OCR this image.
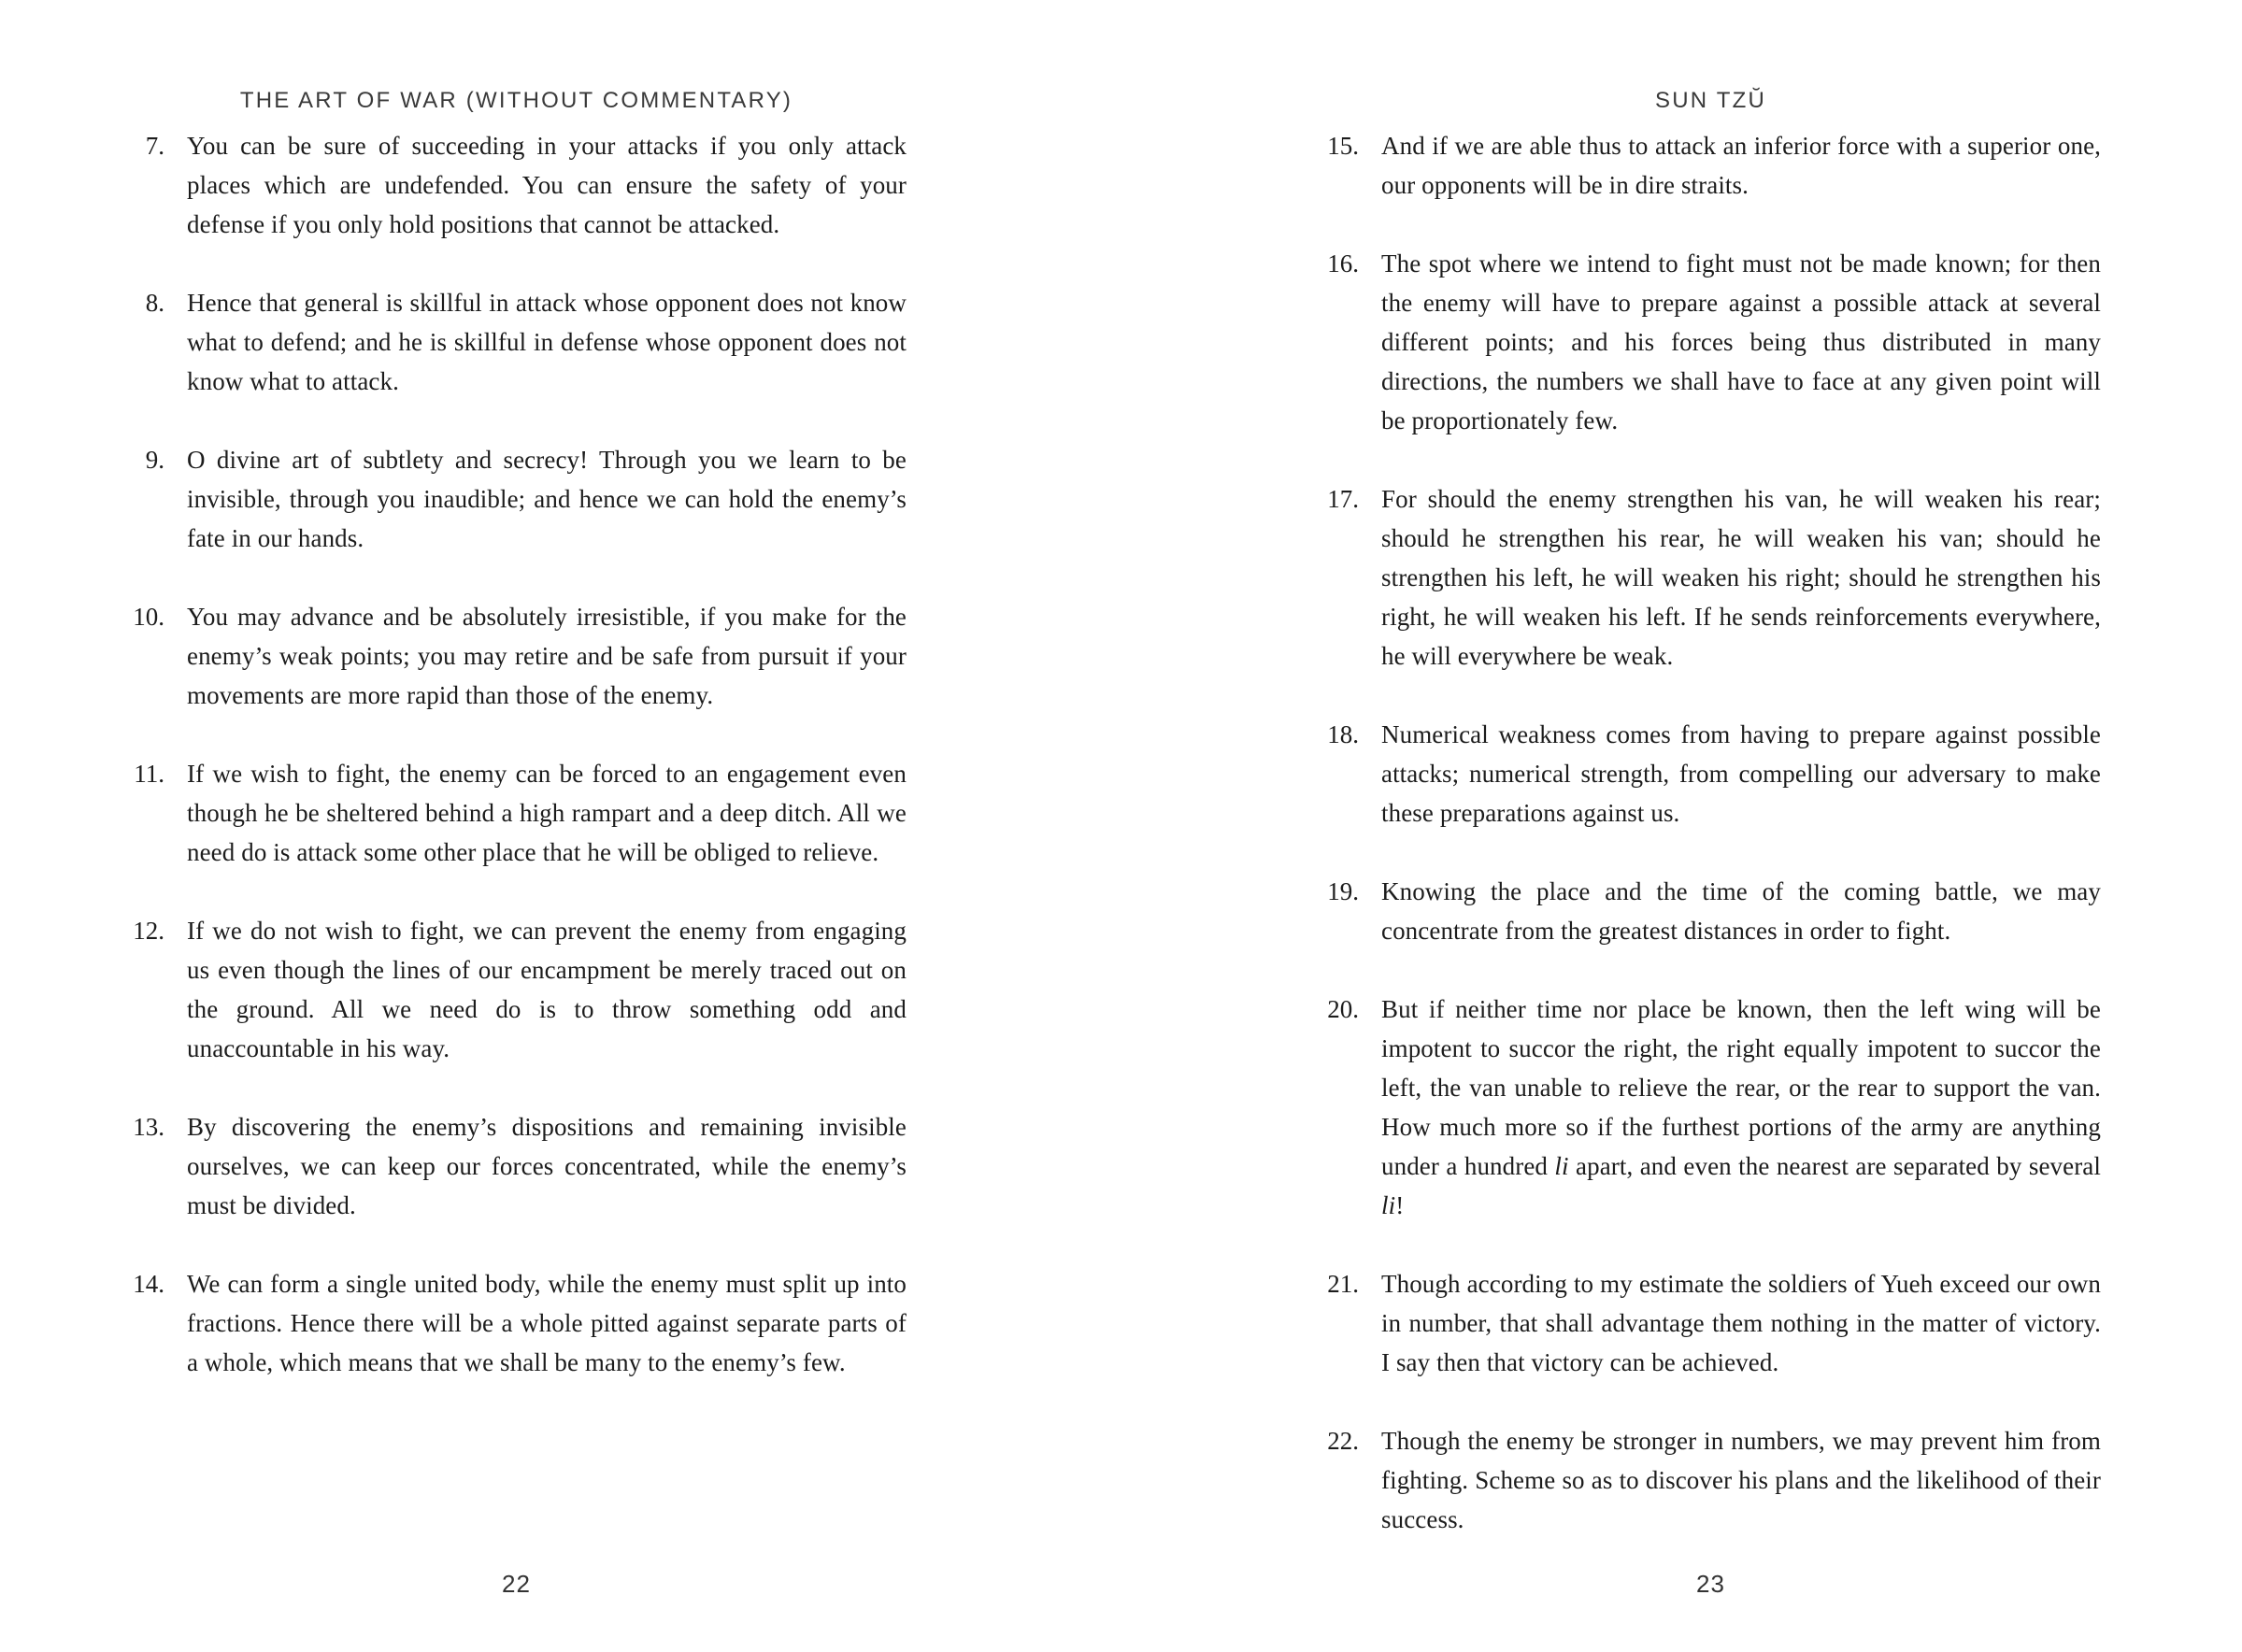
THE ART OF WAR (WITHOUT COMMENTARY)
7. You can be sure of succeeding in your attacks if you only attack places which are undefended. You can ensure the safety of your defense if you only hold positions that cannot be attacked.

8. Hence that general is skillful in attack whose opponent does not know what to defend; and he is skillful in defense whose opponent does not know what to attack.

9. O divine art of subtlety and secrecy! Through you we learn to be invisible, through you inaudible; and hence we can hold the enemy’s fate in our hands.

10. You may advance and be absolutely irresistible, if you make for the enemy’s weak points; you may retire and be safe from pursuit if your movements are more rapid than those of the enemy.

11. If we wish to fight, the enemy can be forced to an engagement even though he be sheltered behind a high rampart and a deep ditch. All we need do is attack some other place that he will be obliged to relieve.

12. If we do not wish to fight, we can prevent the enemy from engaging us even though the lines of our encampment be merely traced out on the ground. All we need do is to throw something odd and unaccountable in his way.

13. By discovering the enemy’s dispositions and remaining invisible ourselves, we can keep our forces concentrated, while the enemy’s must be divided.

14. We can form a single united body, while the enemy must split up into fractions. Hence there will be a whole pitted against separate parts of a whole, which means that we shall be many to the enemy’s few.

22
SUN TZŬ
15. And if we are able thus to attack an inferior force with a superior one, our opponents will be in dire straits.

16. The spot where we intend to fight must not be made known; for then the enemy will have to prepare against a possible attack at several different points; and his forces being thus distributed in many directions, the numbers we shall have to face at any given point will be proportionately few.

17. For should the enemy strengthen his van, he will weaken his rear; should he strengthen his rear, he will weaken his van; should he strengthen his left, he will weaken his right; should he strengthen his right, he will weaken his left. If he sends reinforcements everywhere, he will everywhere be weak.

18. Numerical weakness comes from having to prepare against possible attacks; numerical strength, from compelling our adversary to make these preparations against us.

19. Knowing the place and the time of the coming battle, we may concentrate from the greatest distances in order to fight.

20. But if neither time nor place be known, then the left wing will be impotent to succor the right, the right equally impotent to succor the left, the van unable to relieve the rear, or the rear to support the van. How much more so if the furthest portions of the army are anything under a hundred li apart, and even the nearest are separated by several li!

21. Though according to my estimate the soldiers of Yueh exceed our own in number, that shall advantage them nothing in the matter of victory. I say then that victory can be achieved.

22. Though the enemy be stronger in numbers, we may prevent him from fighting. Scheme so as to discover his plans and the likelihood of their success.

23
